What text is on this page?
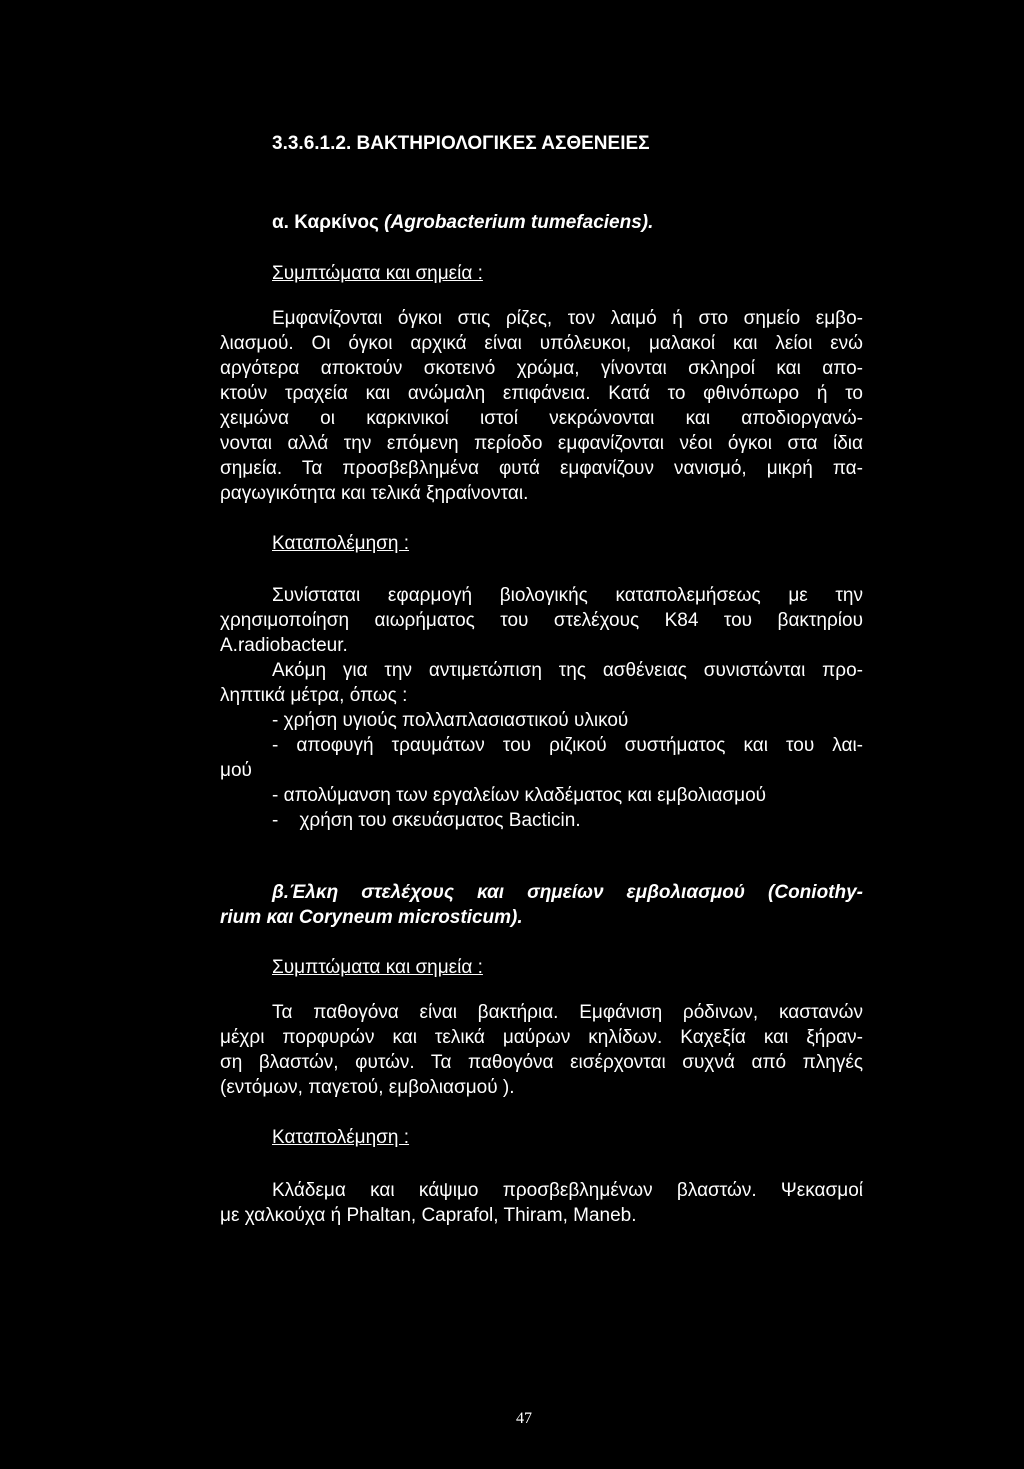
3.3.6.1.2. ΒΑΚΤΗΡΙΟΛΟΓΙΚΕΣ ΑΣΘΕΝΕΙΕΣ
α. Καρκίνος (Agrobacterium tumefaciens).
Συμπτώματα και σημεία :
Εμφανίζονται όγκοι στις ρίζες, τον λαιμό ή στο σημείο εμβο-
λιασμού. Οι όγκοι αρχικά είναι υπόλευκοι, μαλακοί και λείοι ενώ
αργότερα αποκτούν σκοτεινό χρώμα, γίνονται σκληροί και απο-
κτούν τραχεία και ανώμαλη επιφάνεια. Κατά το φθινόπωρο ή το
χειμώνα οι καρκινικοί ιστοί νεκρώνονται και αποδιοργανώ-
νονται αλλά την επόμενη περίοδο εμφανίζονται νέοι όγκοι στα ίδια
σημεία. Τα προσβεβλημένα φυτά εμφανίζουν νανισμό, μικρή πα-
ραγωγικότητα και τελικά ξηραίνονται.
Καταπολέμηση :
Συνίσταται εφαρμογή βιολογικής καταπολεμήσεως με την
χρησιμοποίηση αιωρήματος του στελέχους Κ84 του βακτηρίου
A.radiobacteur.
Ακόμη για την αντιμετώπιση της ασθένειας συνιστώνται προ-
ληπτικά μέτρα, όπως :
- χρήση υγιούς πολλαπλασιαστικού υλικού
- αποφυγή τραυμάτων του ριζικού συστήματος και του λαι-
μού
- απολύμανση των εργαλείων κλαδέματος και εμβολιασμού
-    χρήση του σκευάσματος Bacticin.
β.Έλκη στελέχους και σημείων εμβολιασμού (Coniothy-
rium και Coryneum microsticum).
Συμπτώματα και σημεία :
Τα παθογόνα είναι βακτήρια. Εμφάνιση ρόδινων, καστανών
μέχρι πορφυρών και τελικά μαύρων κηλίδων. Καχεξία και ξήραν-
ση βλαστών, φυτών. Τα παθογόνα εισέρχονται συχνά από πληγές
(εντόμων, παγετού, εμβολιασμού ).
Καταπολέμηση :
Κλάδεμα και κάψιμο προσβεβλημένων βλαστών. Ψεκασμοί
με χαλκούχα ή Phaltan, Caprafol, Thiram, Maneb.
47
